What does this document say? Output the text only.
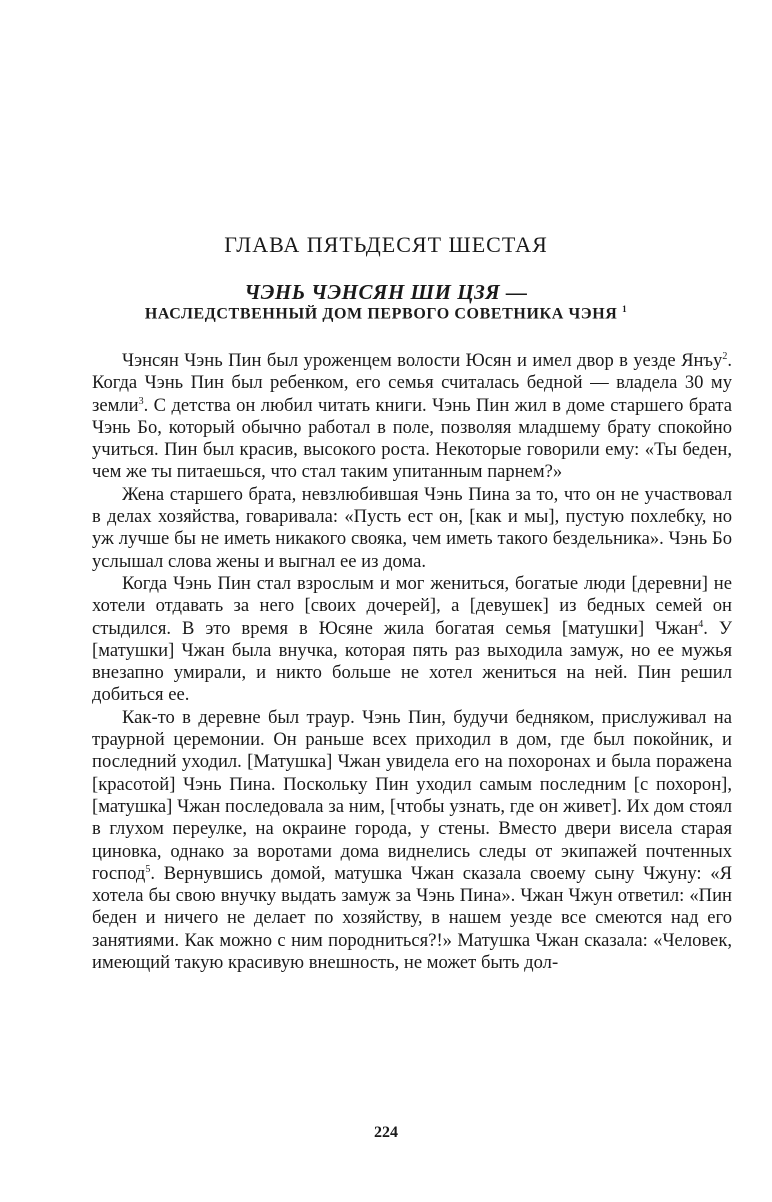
ГЛАВА ПЯТЬДЕСЯТ ШЕСТАЯ
ЧЭНЬ ЧЭНСЯН ШИ ЦЗЯ —
НАСЛЕДСТВЕННЫЙ ДОМ ПЕРВОГО СОВЕТНИКА ЧЭНЯ $^1$

Чэнсян Чэнь Пин был уроженцем волости Юсян и имел двор в уезде Янъу$^2$. Когда Чэнь Пин был ребенком, его семья считалась бедной — владела 30 му земли$^3$. С детства он любил читать книги. Чэнь Пин жил в доме старшего брата Чэнь Бо, который обычно работал в поле, позволяя младшему брату спокойно учиться. Пин был красив, высокого роста. Некоторые говорили ему: «Ты беден, чем же ты питаешься, что стал таким упитанным парнем?»

Жена старшего брата, невзлюбившая Чэнь Пина за то, что он не участвовал в делах хозяйства, говаривала: «Пусть ест он, [как и мы], пустую похлебку, но уж лучше бы не иметь никакого свояка, чем иметь такого бездельника». Чэнь Бо услышал слова жены и выгнал ее из дома.

Когда Чэнь Пин стал взрослым и мог жениться, богатые люди [деревни] не хотели отдавать за него [своих дочерей], а [девушек] из бедных семей он стыдился. В это время в Юсяне жила богатая семья [матушки] Чжан$^4$. У [матушки] Чжан была внучка, которая пять раз выходила замуж, но ее мужья внезапно умирали, и никто больше не хотел жениться на ней. Пин решил добиться ее.

Как-то в деревне был траур. Чэнь Пин, будучи бедняком, прислуживал на траурной церемонии. Он раньше всех приходил в дом, где был покойник, и последний уходил. [Матушка] Чжан увидела его на похоронах и была поражена [красотой] Чэнь Пина. Поскольку Пин уходил самым последним [с похорон], [матушка] Чжан последовала за ним, [чтобы узнать, где он живет]. Их дом стоял в глухом переулке, на окраине города, у стены. Вместо двери висела старая циновка, однако за воротами дома виднелись следы от экипажей почтенных господ$^5$. Вернувшись домой, матушка Чжан сказала своему сыну Чжуну: «Я хотела бы свою внучку выдать замуж за Чэнь Пина». Чжан Чжун ответил: «Пин беден и ничего не делает по хозяйству, в нашем уезде все смеются над его занятиями. Как можно с ним породниться?!» Матушка Чжан сказала: «Человек, имеющий такую красивую внешность, не может быть дол-

224
